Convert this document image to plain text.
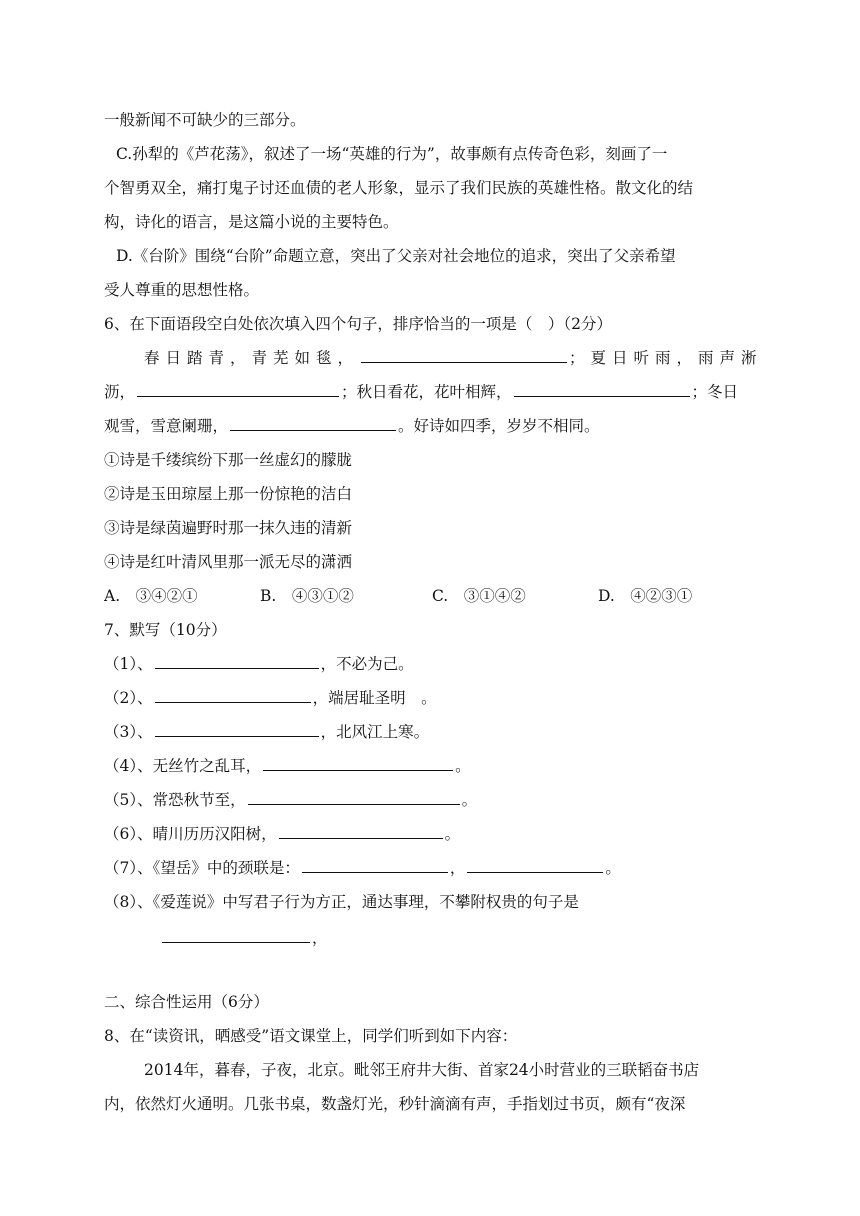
一般新闻不可缺少的三部分。
C.孙犁的《芦花荡》，叙述了一场“英雄的行为”，故事颇有点传奇色彩，刻画了一
个智勇双全，痛打鬼子讨还血债的老人形象，显示了我们民族的英雄性格。散文化的结
构，诗化的语言，是这篇小说的主要特色。
D.《台阶》围绕“台阶”命题立意，突出了父亲对社会地位的追求，突出了父亲希望
受人尊重的思想性格。
6、在下面语段空白处依次填入四个句子，排序恰当的一项是（　）（2分）
春日踏青，青芜如毯，	；夏日听雨，雨声淅
沥，	；秋日看花，花叶相辉，	；冬日
观雪，雪意阑珊，	。好诗如四季，岁岁不相同。
①诗是千缕缤纷下那一丝虚幻的朦胧
②诗是玉田琼屋上那一份惊艳的洁白
③诗是绿茵遍野时那一抹久违的清新
④诗是红叶清风里那一派无尽的潇洒
A.　③④②①	B.　④③①②	C.　③①④②	D.　④②③①
7、默写（10分）
（1）、	，不必为己。
（2）、	，端居耻圣明　。
（3）、	，北风江上寒。
（4）、无丝竹之乱耳，	。
（5）、常恐秋节至，	。
（6）、晴川历历汉阳树，	。
（7）、《望岳》中的颈联是：	，	。
（8）、《爱莲说》中写君子行为方正，通达事理，不攀附权贵的句子是
，
二、综合性运用（6分）
8、在“读资讯，晒感受”语文课堂上，同学们听到如下内容：
2014年，暮春，子夜，北京。毗邻王府井大街、首家24小时营业的三联韬奋书店
内，依然灯火通明。几张书桌，数盏灯光，秒针滴滴有声，手指划过书页，颇有“夜深
